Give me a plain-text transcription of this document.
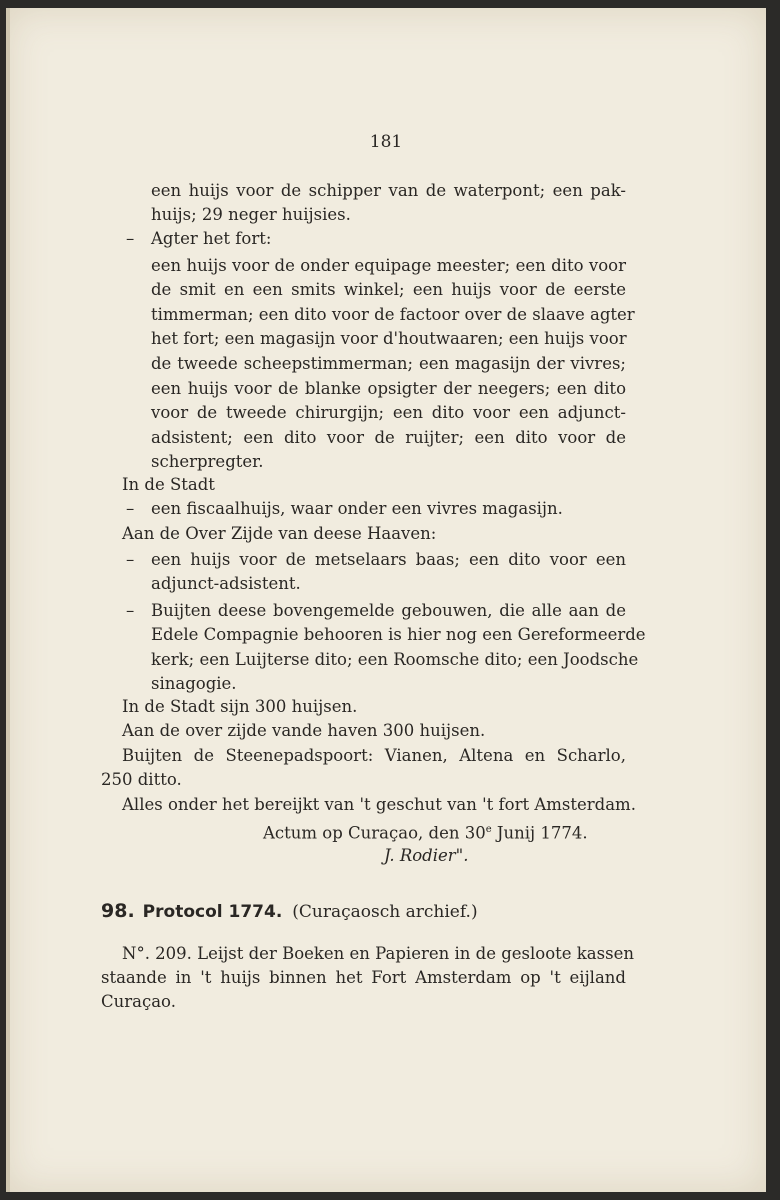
181
een huijs voor de schipper van de waterpont; een pak-
huijs; 29 neger huijsies.
– Agter het fort:
een huijs voor de onder equipage meester; een dito voor
de smit en een smits winkel; een huijs voor de eerste
timmerman; een dito voor de factoor over de slaave agter
het fort; een magasijn voor d'houtwaaren; een huijs voor
de tweede scheepstimmerman; een magasijn der vivres;
een huijs voor de blanke opsigter der neegers; een dito
voor de tweede chirurgijn; een dito voor een adjunct-
adsistent; een dito voor de ruijter; een dito voor de
scherpregter.
In de Stadt
– een fiscaalhuijs, waar onder een vivres magasijn.
Aan de Over Zijde van deese Haaven:
– een huijs voor de metselaars baas; een dito voor een
adjunct-adsistent.
– Buijten deese bovengemelde gebouwen, die alle aan de
Edele Compagnie behooren is hier nog een Gereformeerde
kerk; een Luijterse dito; een Roomsche dito; een Joodsche
sinagogie.
In de Stadt sijn 300 huijsen.
Aan de over zijde vande haven 300 huijsen.
Buijten de Steenepadspoort: Vianen, Altena en Scharlo,
250 ditto.
Alles onder het bereijkt van 't geschut van 't fort Amsterdam.
Actum op Curaçao, den 30e Junij 1774.
J. Rodier".
98. Protocol 1774. (Curaçaosch archief.)
N°. 209. Leijst der Boeken en Papieren in de gesloote kassen
staande in 't huijs binnen het Fort Amsterdam op 't eijland
Curaçao.
